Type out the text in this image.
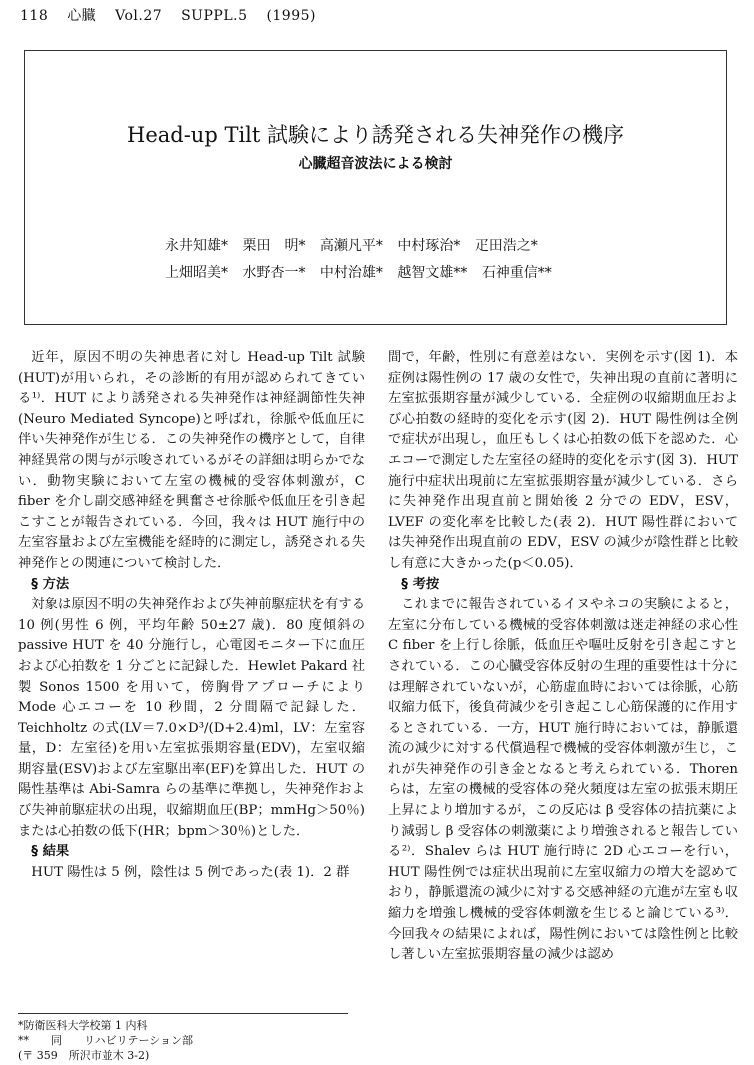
118 心臓 Vol.27 SUPPL.5 (1995)
Head-up Tilt 試験により誘発される失神発作の機序
心臓超音波法による検討
永井知雄* 栗田　明* 高瀬凡平* 中村琢治* 疋田浩之*
上畑昭美* 水野杏一* 中村治雄* 越智文雄** 石神重信**

近年，原因不明の失神患者に対し Head-up Tilt 試験(HUT)が用いられ，その診断的有用が認められてきている¹⁾．HUT により誘発される失神発作は神経調節性失神(Neuro Mediated Syncope)と呼ばれ，徐脈や低血圧に伴い失神発作が生じる．この失神発作の機序として，自律神経異常の関与が示唆されているがその詳細は明らかでない．動物実験において左室の機械的受容体刺激が，C fiber を介し副交感神経を興奮させ徐脈や低血圧を引き起こすことが報告されている．今回，我々は HUT 施行中の左室容量および左室機能を経時的に測定し，誘発される失神発作との関連について検討した．

§ 方法

対象は原因不明の失神発作および失神前駆症状を有する 10 例(男性 6 例，平均年齢 50±27 歳)．80 度傾斜の passive HUT を 40 分施行し，心電図モニター下に血圧および心拍数を 1 分ごとに記録した．Hewlet Pakard 社製 Sonos 1500 を用いて，傍胸骨アプローチにより Mode 心エコーを 10 秒間，2 分間隔で記録した．Teichholtz の式(LV＝7.0×D³/(D+2.4)ml，LV：左室容量，D：左室径)を用い左室拡張期容量(EDV)，左室収縮期容量(ESV)および左室駆出率(EF)を算出した．HUT の陽性基準は Abi-Samra らの基準に準拠し，失神発作および失神前駆症状の出現，収縮期血圧(BP；mmHg＞50％)または心拍数の低下(HR；bpm＞30％)とした．

§ 結果

HUT 陽性は 5 例，陰性は 5 例であった(表 1)．2 群

間で，年齢，性別に有意差はない．実例を示す(図 1)．本症例は陽性例の 17 歳の女性で，失神出現の直前に著明に左室拡張期容量が減少している．全症例の収縮期血圧および心拍数の経時的変化を示す(図 2)．HUT 陽性例は全例で症状が出現し，血圧もしくは心拍数の低下を認めた．心エコーで測定した左室径の経時的変化を示す(図 3)．HUT 施行中症状出現前に左室拡張期容量が減少している．さらに失神発作出現直前と開始後 2 分での EDV，ESV，LVEF の変化率を比較した(表 2)．HUT 陽性群においては失神発作出現直前の EDV，ESV の減少が陰性群と比較し有意に大きかった(p＜0.05)．

§ 考按

これまでに報告されているイヌやネコの実験によると，左室に分布している機械的受容体刺激は迷走神経の求心性 C fiber を上行し徐脈，低血圧や嘔吐反射を引き起こすとされている．この心臓受容体反射の生理的重要性は十分には理解されていないが，心筋虚血時においては徐脈，心筋収縮力低下，後負荷減少を引き起こし心筋保護的に作用するとされている．一方，HUT 施行時においては，静脈還流の減少に対する代償過程で機械的受容体刺激が生じ，これが失神発作の引き金となると考えられている．Thoren らは，左室の機械的受容体の発火頻度は左室の拡張末期圧上昇により増加するが，この反応は β 受容体の拮抗薬により減弱し β 受容体の刺激薬により増強されると報告している²⁾．Shalev らは HUT 施行時に 2D 心エコーを行い，HUT 陽性例では症状出現前に左室収縮力の増大を認めており，静脈還流の減少に対する交感神経の亢進が左室も収縮力を増強し機械的受容体刺激を生じると論じている³⁾．今回我々の結果によれば，陽性例においては陰性例と比較し著しい左室拡張期容量の減少は認め

*防衛医科大学校第 1 内科
**　　同　　リハビリテーション部
(〒 359　所沢市並木 3-2)
